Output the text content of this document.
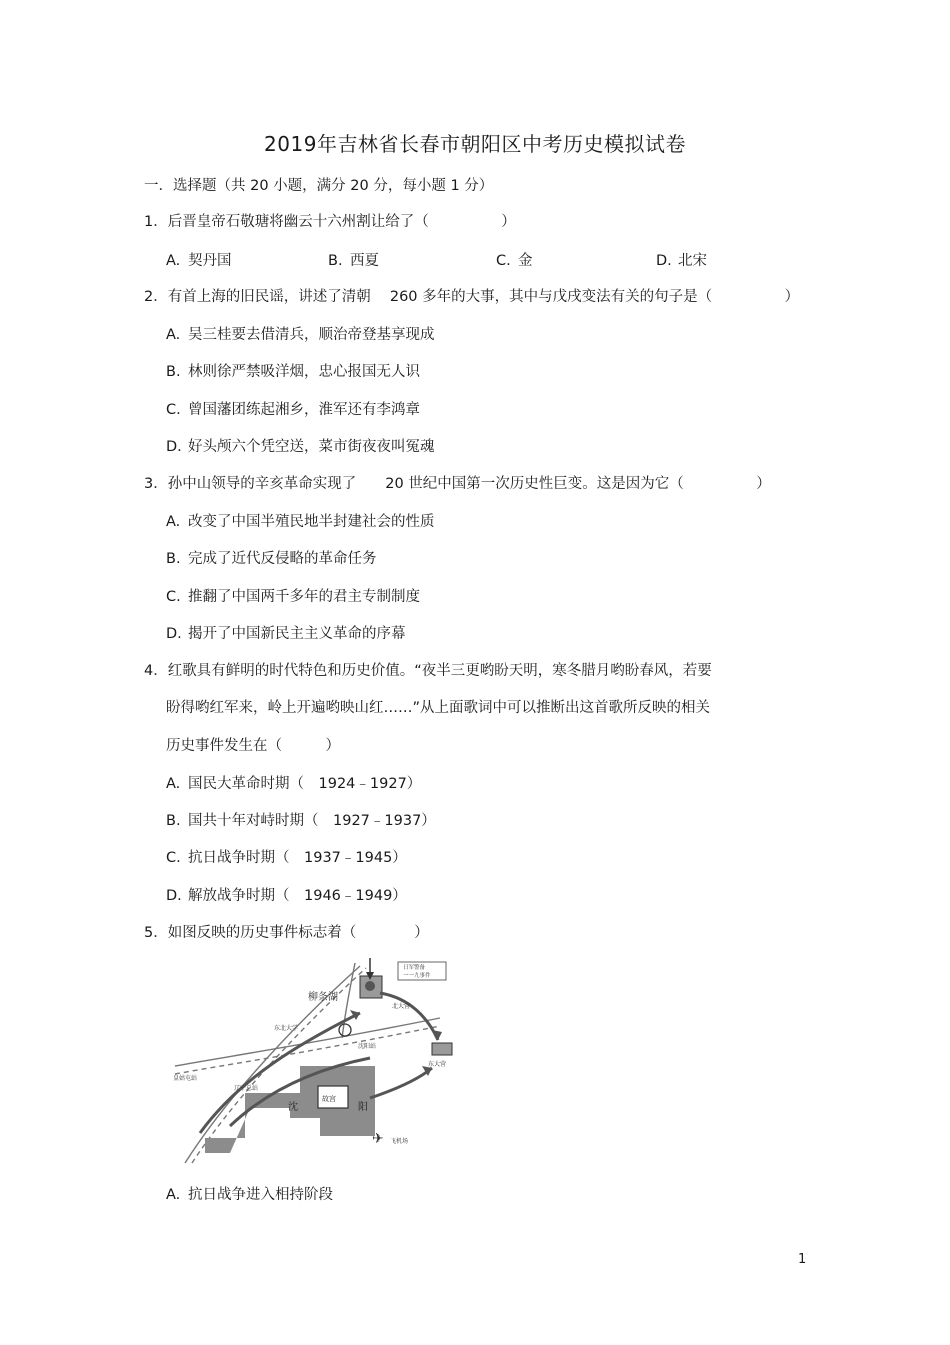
2019年吉林省长春市朝阳区中考历史模拟试卷
一．选择题（共 20 小题，满分 20 分，每小题 1 分）
1．后晋皇帝石敬瑭将幽云十六州割让给了（　　　　　）
A. 契丹国	B. 西夏	C. 金	D. 北宋
2．有首上海的旧民谣，讲述了清朝　 260 多年的大事，其中与戊戌变法有关的句子是（　　　　　）
A. 吴三桂要去借清兵，顺治帝登基享现成
B. 林则徐严禁吸洋烟，忠心报国无人识
C. 曾国藩团练起湘乡，淮军还有李鸿章
D. 好头颅六个凭空送，菜市街夜夜叫冤魂
3．孙中山领导的辛亥革命实现了　　20 世纪中国第一次历史性巨变。这是因为它（　　　　　）
A. 改变了中国半殖民地半封建社会的性质
B. 完成了近代反侵略的革命任务
C. 推翻了中国两千多年的君主专制制度
D. 揭开了中国新民主主义革命的序幕
4．红歌具有鲜明的时代特色和历史价值。“夜半三更哟盼天明，寒冬腊月哟盼春风，若要
盼得哟红军来，岭上开遍哟映山红……”从上面歌词中可以推断出这首歌所反映的相关
历史事件发生在（　　　）
A. 国民大革命时期（　1924﹣1927）
B. 国共十年对峙时期（　1927﹣1937）
C. 抗日战争时期（　1937﹣1945）
D. 解放战争时期（　1946﹣1949）
5．如图反映的历史事件标志着（　　　　）
✈
日军警备
一一九事件
柳条湖
北大营
东大营
东北大学
沈阳站
皇姑屯站
辽宁总站
沈	阳
故宫
飞机场
A. 抗日战争进入相持阶段
1
